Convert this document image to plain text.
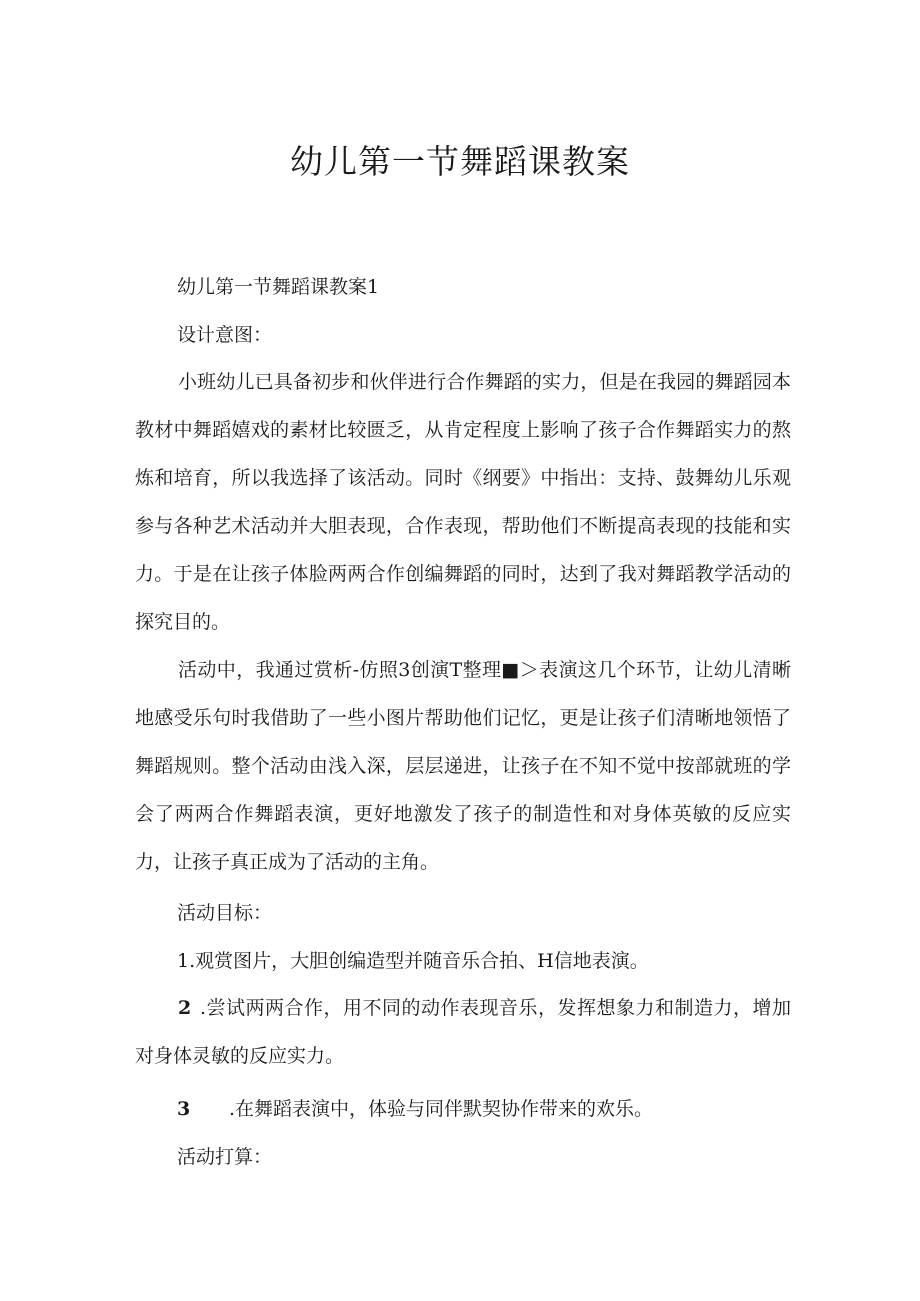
幼儿第一节舞蹈课教案

幼儿第一节舞蹈课教案1

设计意图：

小班幼儿已具备初步和伙伴进行合作舞蹈的实力，但是在我园的舞蹈园本教材中舞蹈嬉戏的素材比较匮乏，从肯定程度上影响了孩子合作舞蹈实力的熬炼和培育，所以我选择了该活动。同时《纲要》中指出：支持、鼓舞幼儿乐观参与各种艺术活动并大胆表现，合作表现，帮助他们不断提高表现的技能和实力。于是在让孩子体脸两两合作创编舞蹈的同时，达到了我对舞蹈教学活动的探究目的。

活动中，我通过赏析-仿照3创演T整理■＞表演这几个环节，让幼儿清晰地感受乐句时我借助了一些小图片帮助他们记忆，更是让孩子们清晰地领悟了舞蹈规则。整个活动由浅入深，层层递进，让孩子在不知不觉中按部就班的学会了两两合作舞蹈表演，更好地激发了孩子的制造性和对身体英敏的反应实力，让孩子真正成为了活动的主角。

活动目标：

1.观赏图片，大胆创编造型并随音乐合拍、H信地表演。

2 .尝试两两合作，用不同的动作表现音乐，发挥想象力和制造力，增加对身体灵敏的反应实力。
3 .在舞蹈表演中，体验与同伴默契协作带来的欢乐。

活动打算：
